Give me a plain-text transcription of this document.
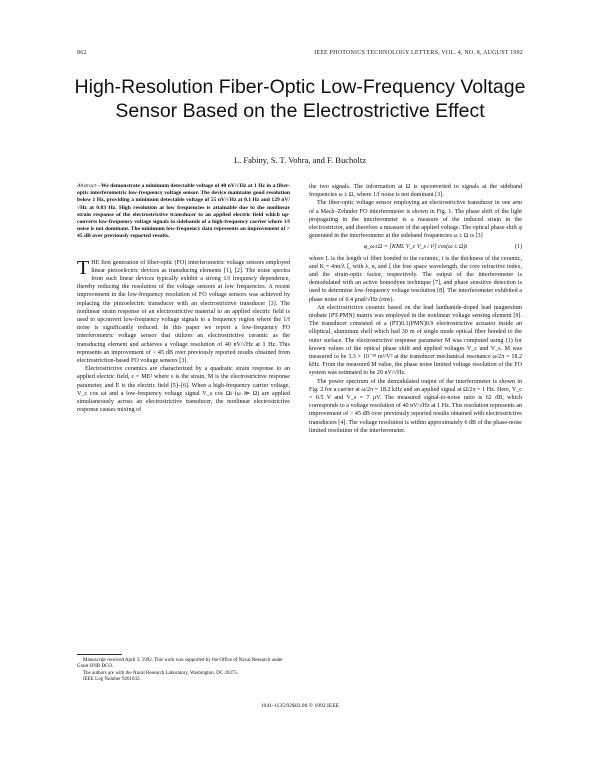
862	IEEE PHOTONICS TECHNOLOGY LETTERS, VOL. 4, NO. 8, AUGUST 1992
High-Resolution Fiber-Optic Low-Frequency Voltage Sensor Based on the Electrostrictive Effect
L. Fabiny, S. T. Vohra, and F. Bucholtz
Abstract—We demonstrate a minimum detectable voltage of 40 nV/√Hz at 1 Hz in a fiber-optic interferometric low-frequency voltage sensor. The device maintains good resolution below 1 Hz, providing a minimum detectable voltage of 55 nV/√Hz at 0.1 Hz and 129 nV/√Hz at 0.03 Hz. High resolution at low frequencies is attainable due to the nonlinear strain response of the electrostrictive transducer to an applied electric field which up-converts low-frequency voltage signals to sidebands of a high-frequency carrier where 1/f noise is not dominant. The minimum low-frequency data represents an improvement of > 45 dB over previously reported results.

THE first generation of fiber-optic (FO) interferometric voltage sensors employed linear piezoelectric devices as transducing elements [1], [2]. The noise spectra from such linear devices typically exhibit a strong 1/f frequency dependence, thereby reducing the resolution of the voltage sensors at low frequencies. A recent improvement in the low-frequency resolution of FO voltage sensors was achieved by replacing the piezoelectric transducer with an electrostrictive transducer [3]. The nonlinear strain response of an electrostrictive material to an applied electric field is used to upconvert low-frequency voltage signals to a frequency region where the 1/f noise is significantly reduced. In this paper we report a low-frequency FO interferometric voltage sensor that utilizes an electrostrictive ceramic as the transducing element and achieves a voltage resolution of 40 nV/√Hz at 1 Hz. This represents an improvement of > 45 dB over previously reported results obtained from electrostriction-based FO voltage sensors [3].

Electrostrictive ceramics are characterized by a quadratic strain response to an applied electric field, ε = ME² where ε is the strain, M is the electrostrictive response parameter, and E is the electric field [5]–[6]. When a high-frequency carrier voltage, V_c cos ωt and a low-frequency voltage signal V_s cos Ωt (ω ≫ Ω) are applied simultaneously across an electrostrictive transducer, the nonlinear electrostrictive response causes mixing of

Manuscript received April 3, 1992. This work was supported by the Office of Naval Research under Grant ONR DCO.

The authors are with the Naval Research Laboratory, Washington, DC 20375.

IEEE Log Number 9201032.

the two signals. The information at Ω is upconverted to signals at the sideband frequencies ω ± Ω, where 1/f noise is not dominant [3].

The fiber-optic voltage sensor employing an electrostrictive transducer in one arm of a Mach–Zehnder FO interferometer is shown in Fig. 1. The phase shift of the light propagating in the interferometer is a measure of the induced strain in the electrostrictor, and therefore a measure of the applied voltage. The optical phase shift φ generated in the interferometer at the sideband frequencies ω ± Ω is [3]

φ_ω±Ω = [KML V_c V_s / t²] cos(ω ± Ω)t	(1)

where L is the length of fiber bonded to the ceramic, t is the thickness of the ceramic, and K = 4πn/λ ξ, with λ, n, and ξ the free space wavelength, the core refractive index, and the strain-optic factor, respectively. The output of the interferometer is demodulated with an active homodyne technique [7], and phase sensitive detection is used to determine low-frequency voltage resolution [8]. The interferometer exhibited a phase noise of 0.4 μrad/√Hz (rms).

An electrostrictive ceramic based on the lead lanthanide-doped lead magnesium niobate (PT-PMN) matrix was employed in the nonlinear voltage sensing element [9]. The transducer consisted of a (PT)0.1(PMN)0.9 electrostrictive actuator inside an elliptical, aluminum shell which had 30 m of single mode optical fiber bonded to the outer surface. The electrostrictive response parameter M was computed using (1) for known values of the optical phase shift and applied voltages V_c and V_s. M was measured to be 3.3 × 10⁻¹⁸ m²/V² at the transducer mechanical resonance ω/2π = 18.2 kHz. From the measured M value, the phase noise limited voltage resolution of the FO system was estimated to be 20 nV/√Hz.

The power spectrum of the demodulated output of the interferometer is shown in Fig. 2 for a carrier at ω/2π = 18.2 kHz and an applied signal at Ω/2π = 1 Hz. Here, V_c = 0.5 V and V_s = 7 μV. The measured signal-to-noise ratio is 62 dB, which corresponds to a voltage resolution of 40 nV/√Hz at 1 Hz. This resolution represents an improvement of > 45 dB over previously reported results obtained with electrostrictive transducers [4]. The voltage resolution is within approximately 6 dB of the phase-noise limited resolution of the interferometer.

1041-1135/92$03.00 © 1992 IEEE
